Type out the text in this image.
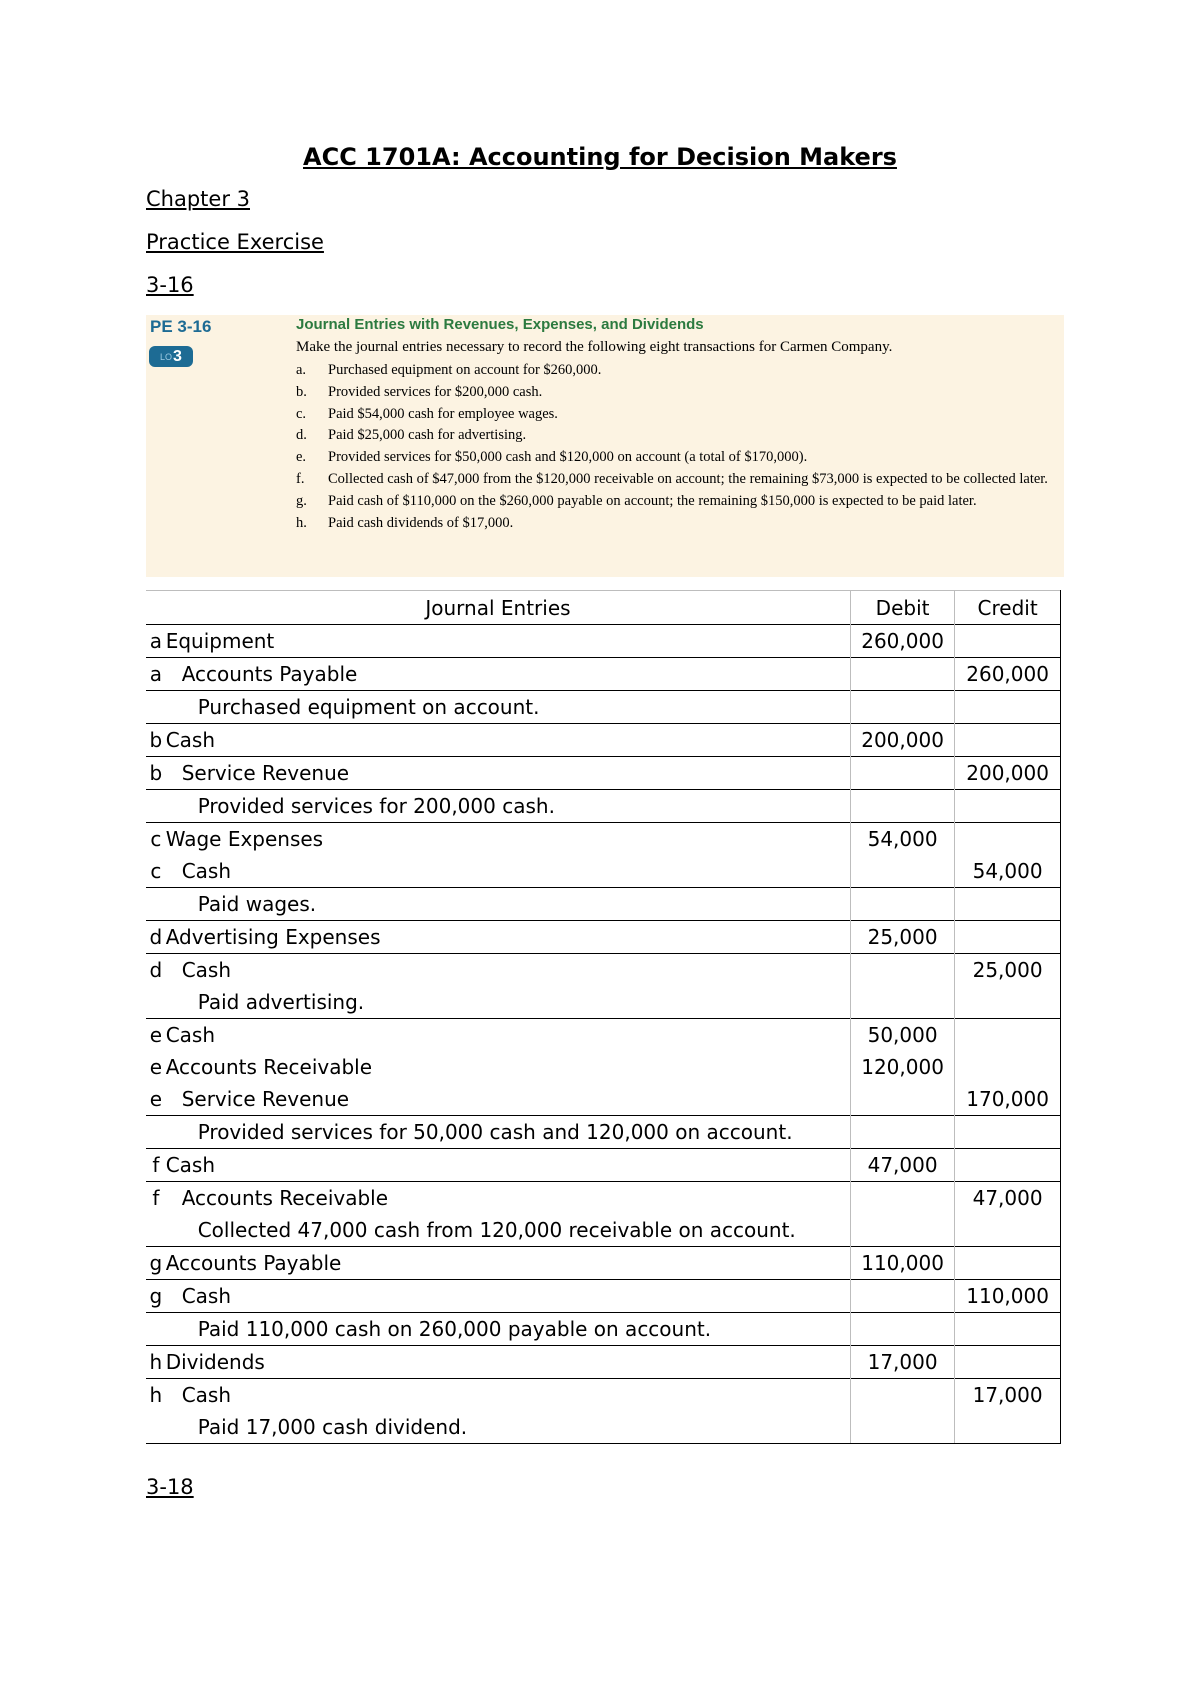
ACC 1701A: Accounting for Decision Makers
Chapter 3
Practice Exercise
3-16
PE 3-16
LO 3
Journal Entries with Revenues, Expenses, and Dividends
Make the journal entries necessary to record the following eight transactions for Carmen Company.
a.	Purchased equipment on account for $260,000.
b.	Provided services for $200,000 cash.
c.	Paid $54,000 cash for employee wages.
d.	Paid $25,000 cash for advertising.
e.	Provided services for $50,000 cash and $120,000 on account (a total of $170,000).
f.	Collected cash of $47,000 from the $120,000 receivable on account; the remaining $73,000 is expected to be collected later.
g.	Paid cash of $110,000 on the $260,000 payable on account; the remaining $150,000 is expected to be paid later.
h.	Paid cash dividends of $17,000.
Journal Entries		Debit	Credit
a	Equipment	260,000	
a	Accounts Payable		260,000
	Purchased equipment on account.		
b	Cash	200,000	
b	Service Revenue		200,000
	Provided services for 200,000 cash.		
c	Wage Expenses	54,000	
c	Cash		54,000
	Paid wages.		
d	Advertising Expenses	25,000	
d	Cash		25,000
	Paid advertising.		
e	Cash	50,000	
e	Accounts Receivable	120,000	
e	Service Revenue		170,000
	Provided services for 50,000 cash and 120,000 on account.		
f	Cash	47,000	
f	Accounts Receivable		47,000
	Collected 47,000 cash from 120,000 receivable on account.		
g	Accounts Payable	110,000	
g	Cash		110,000
	Paid 110,000 cash on 260,000 payable on account.		
h	Dividends	17,000	
h	Cash		17,000
	Paid 17,000 cash dividend.		
3-18
